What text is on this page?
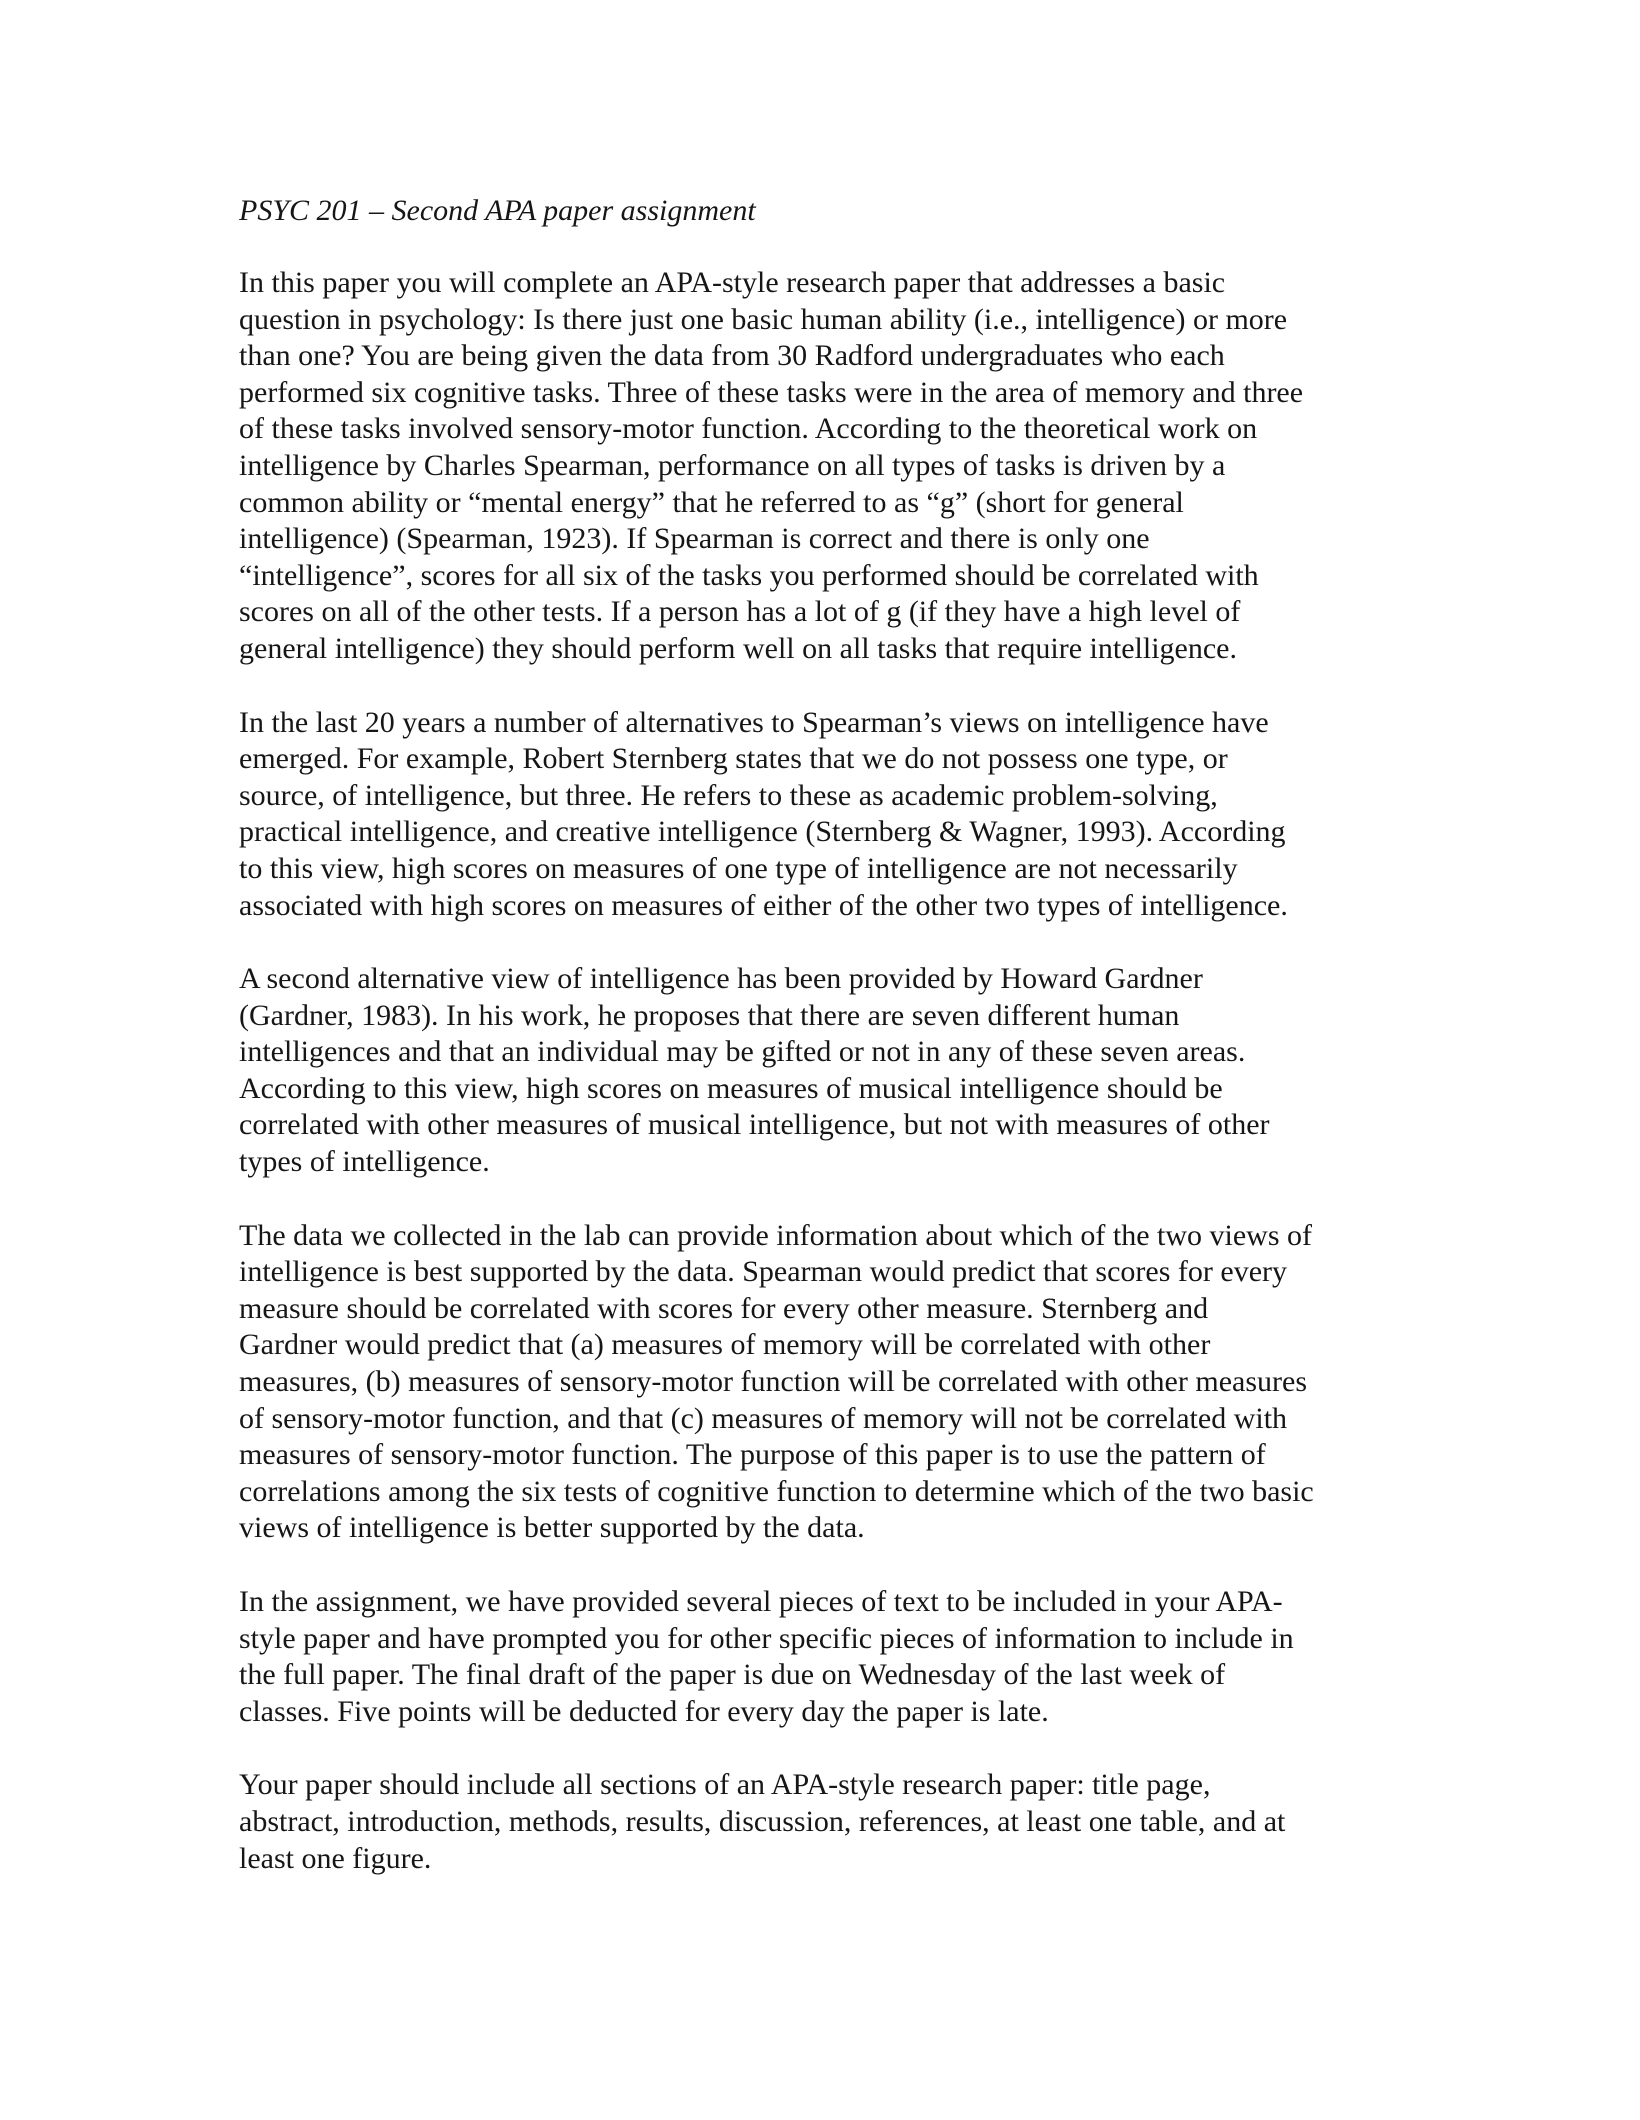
PSYC 201 – Second APA paper assignment
In this paper you will complete an APA-style research paper that addresses a basic
question in psychology: Is there just one basic human ability (i.e., intelligence) or more
than one? You are being given the data from 30 Radford undergraduates who each
performed six cognitive tasks. Three of these tasks were in the area of memory and three
of these tasks involved sensory-motor function. According to the theoretical work on
intelligence by Charles Spearman, performance on all types of tasks is driven by a
common ability or “mental energy” that he referred to as “g” (short for general
intelligence) (Spearman, 1923). If Spearman is correct and there is only one
“intelligence”, scores for all six of the tasks you performed should be correlated with
scores on all of the other tests. If a person has a lot of g (if they have a high level of
general intelligence) they should perform well on all tasks that require intelligence.
In the last 20 years a number of alternatives to Spearman’s views on intelligence have
emerged. For example, Robert Sternberg states that we do not possess one type, or
source, of intelligence, but three. He refers to these as academic problem-solving,
practical intelligence, and creative intelligence (Sternberg & Wagner, 1993). According
to this view, high scores on measures of one type of intelligence are not necessarily
associated with high scores on measures of either of the other two types of intelligence.
A second alternative view of intelligence has been provided by Howard Gardner
(Gardner, 1983). In his work, he proposes that there are seven different human
intelligences and that an individual may be gifted or not in any of these seven areas.
According to this view, high scores on measures of musical intelligence should be
correlated with other measures of musical intelligence, but not with measures of other
types of intelligence.
The data we collected in the lab can provide information about which of the two views of
intelligence is best supported by the data. Spearman would predict that scores for every
measure should be correlated with scores for every other measure. Sternberg and
Gardner would predict that (a) measures of memory will be correlated with other
measures, (b) measures of sensory-motor function will be correlated with other measures
of sensory-motor function, and that (c) measures of memory will not be correlated with
measures of sensory-motor function. The purpose of this paper is to use the pattern of
correlations among the six tests of cognitive function to determine which of the two basic
views of intelligence is better supported by the data.
In the assignment, we have provided several pieces of text to be included in your APA-
style paper and have prompted you for other specific pieces of information to include in
the full paper. The final draft of the paper is due on Wednesday of the last week of
classes. Five points will be deducted for every day the paper is late.
Your paper should include all sections of an APA-style research paper: title page,
abstract, introduction, methods, results, discussion, references, at least one table, and at
least one figure.
